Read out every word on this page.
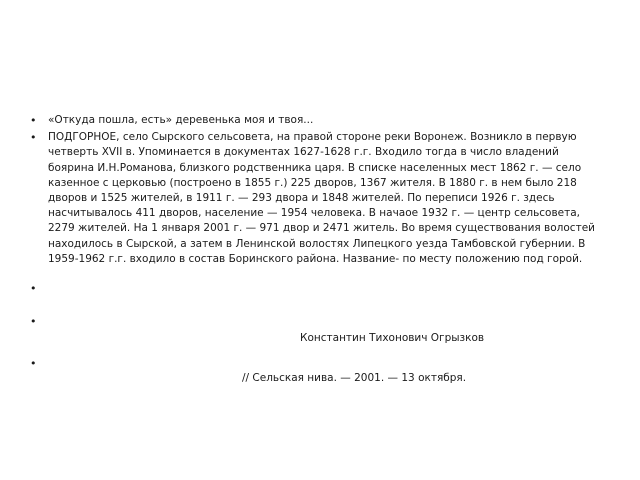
• «Откуда пошла, есть» деревенька моя и твоя...
• ПОДГОРНОЕ, село Сырского сельсовета, на правой стороне реки Воронеж. Возникло в первую четверть XVII в. Упоминается в документах 1627-1628 г.г. Входило тогда в число владений боярина И.Н.Романова, близкого родственника царя. В списке населенных мест 1862 г. — село казенное с церковью (построено в 1855 г.) 225 дворов, 1367 жителя. В 1880 г. в нем было 218 дворов и 1525 жителей, в 1911 г. — 293 двора и 1848 жителей. По переписи 1926 г. здесь насчитывалось 411 дворов, население — 1954 человека. В начаое 1932 г. — центр сельсовета, 2279 жителей. На 1 января 2001 г. — 971 двор и 2471 житель. Во время существования волостей находилось в Сырской, а затем в Ленинской волостях Липецкого уезда Тамбовской губернии. В 1959-1962 г.г. входило в состав Боринского района. Название- по месту положению под горой.
•
•
Константин Тихонович Огрызков
•
// Сельская нива. — 2001. — 13 октября.
